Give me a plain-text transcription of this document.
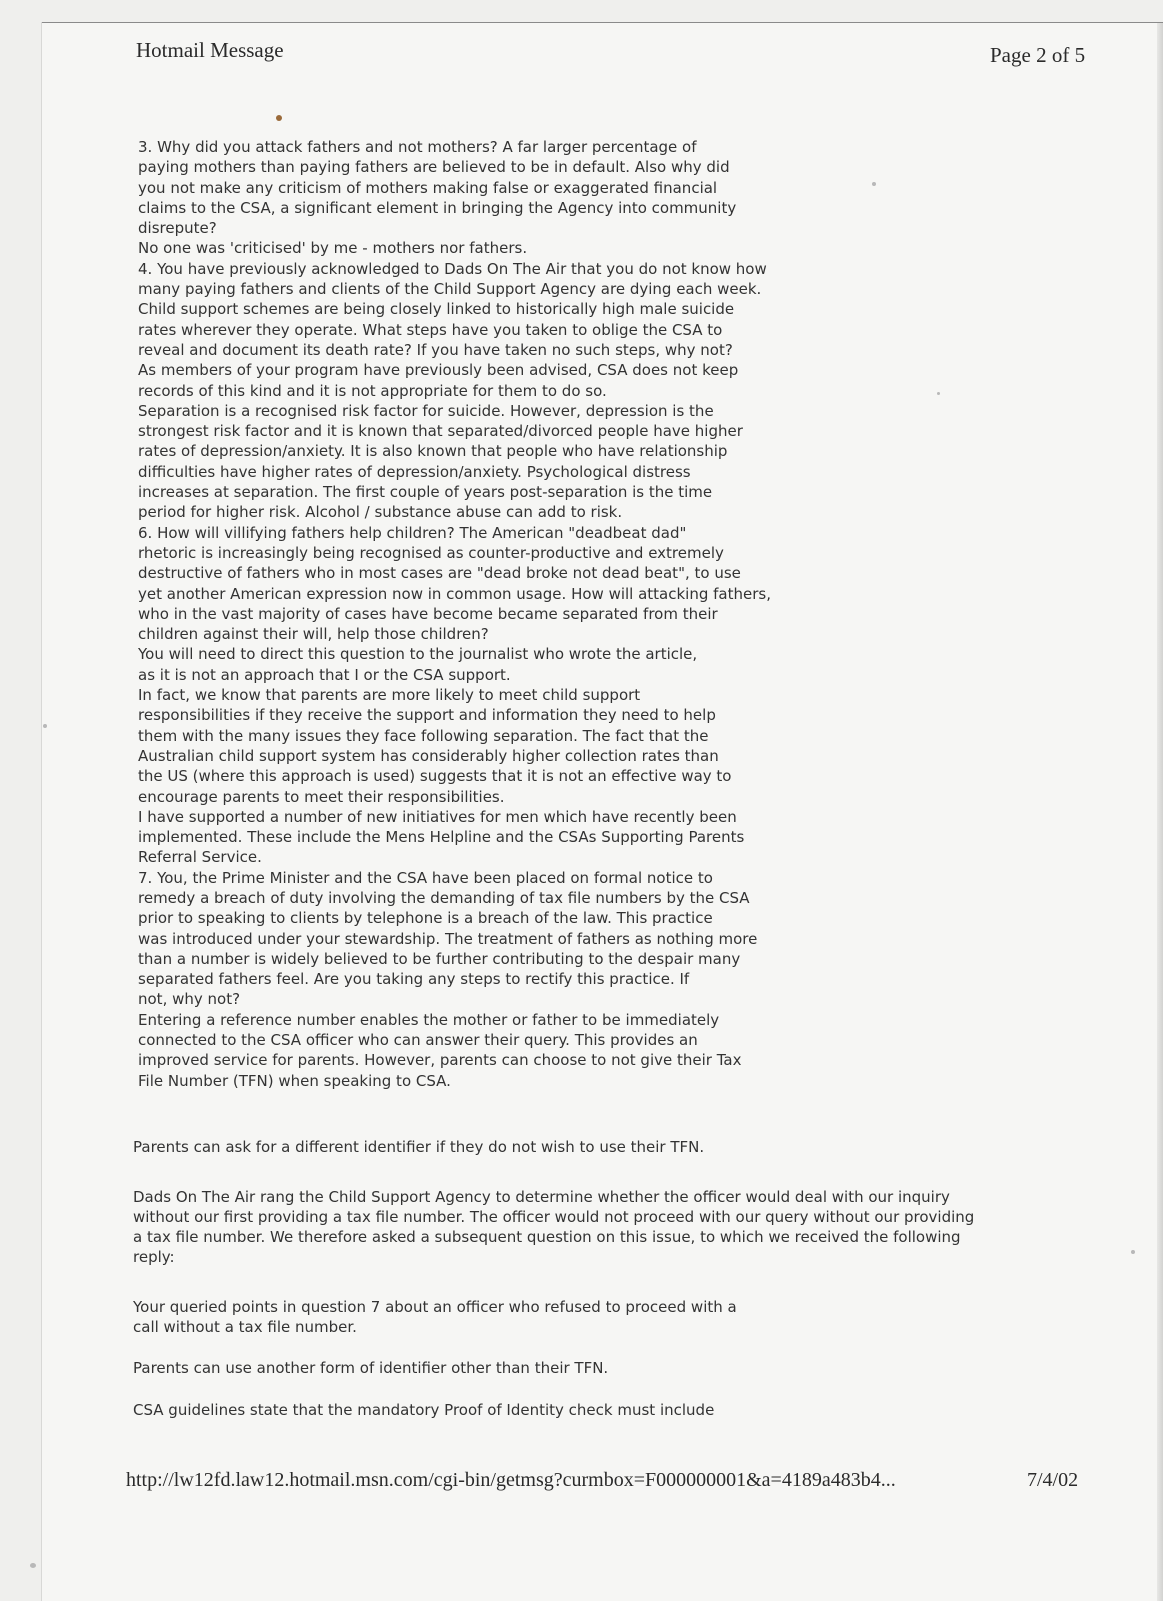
Hotmail Message	Page 2 of 5
3. Why did you attack fathers and not mothers? A far larger percentage of
paying mothers than paying fathers are believed to be in default. Also why did
you not make any criticism of mothers making false or exaggerated financial
claims to the CSA, a significant element in bringing the Agency into community
disrepute?
No one was 'criticised' by me - mothers nor fathers.
4. You have previously acknowledged to Dads On The Air that you do not know how
many paying fathers and clients of the Child Support Agency are dying each week.
Child support schemes are being closely linked to historically high male suicide
rates wherever they operate. What steps have you taken to oblige the CSA to
reveal and document its death rate? If you have taken no such steps, why not?
As members of your program have previously been advised, CSA does not keep
records of this kind and it is not appropriate for them to do so.
Separation is a recognised risk factor for suicide. However, depression is the
strongest risk factor and it is known that separated/divorced people have higher
rates of depression/anxiety. It is also known that people who have relationship
difficulties have higher rates of depression/anxiety. Psychological distress
increases at separation. The first couple of years post-separation is the time
period for higher risk. Alcohol / substance abuse can add to risk.
6. How will villifying fathers help children? The American "deadbeat dad"
rhetoric is increasingly being recognised as counter-productive and extremely
destructive of fathers who in most cases are "dead broke not dead beat", to use
yet another American expression now in common usage. How will attacking fathers,
who in the vast majority of cases have become became separated from their
children against their will, help those children?
You will need to direct this question to the journalist who wrote the article,
as it is not an approach that I or the CSA support.
In fact, we know that parents are more likely to meet child support
responsibilities if they receive the support and information they need to help
them with the many issues they face following separation. The fact that the
Australian child support system has considerably higher collection rates than
the US (where this approach is used) suggests that it is not an effective way to
encourage parents to meet their responsibilities.
I have supported a number of new initiatives for men which have recently been
implemented. These include the Mens Helpline and the CSAs Supporting Parents
Referral Service.
7. You, the Prime Minister and the CSA have been placed on formal notice to
remedy a breach of duty involving the demanding of tax file numbers by the CSA
prior to speaking to clients by telephone is a breach of the law. This practice
was introduced under your stewardship. The treatment of fathers as nothing more
than a number is widely believed to be further contributing to the despair many
separated fathers feel. Are you taking any steps to rectify this practice. If
not, why not?
Entering a reference number enables the mother or father to be immediately
connected to the CSA officer who can answer their query. This provides an
improved service for parents. However, parents can choose to not give their Tax
File Number (TFN) when speaking to CSA.
Parents can ask for a different identifier if they do not wish to use their TFN.
Dads On The Air rang the Child Support Agency to determine whether the officer would deal with our inquiry
without our first providing a tax file number. The officer would not proceed with our query without our providing
a tax file number. We therefore asked a subsequent question on this issue, to which we received the following
reply:
Your queried points in question 7 about an officer who refused to proceed with a
call without a tax file number.
Parents can use another form of identifier other than their TFN.
CSA guidelines state that the mandatory Proof of Identity check must include
http://lw12fd.law12.hotmail.msn.com/cgi-bin/getmsg?curmbox=F000000001&a=4189a483b4...	7/4/02
